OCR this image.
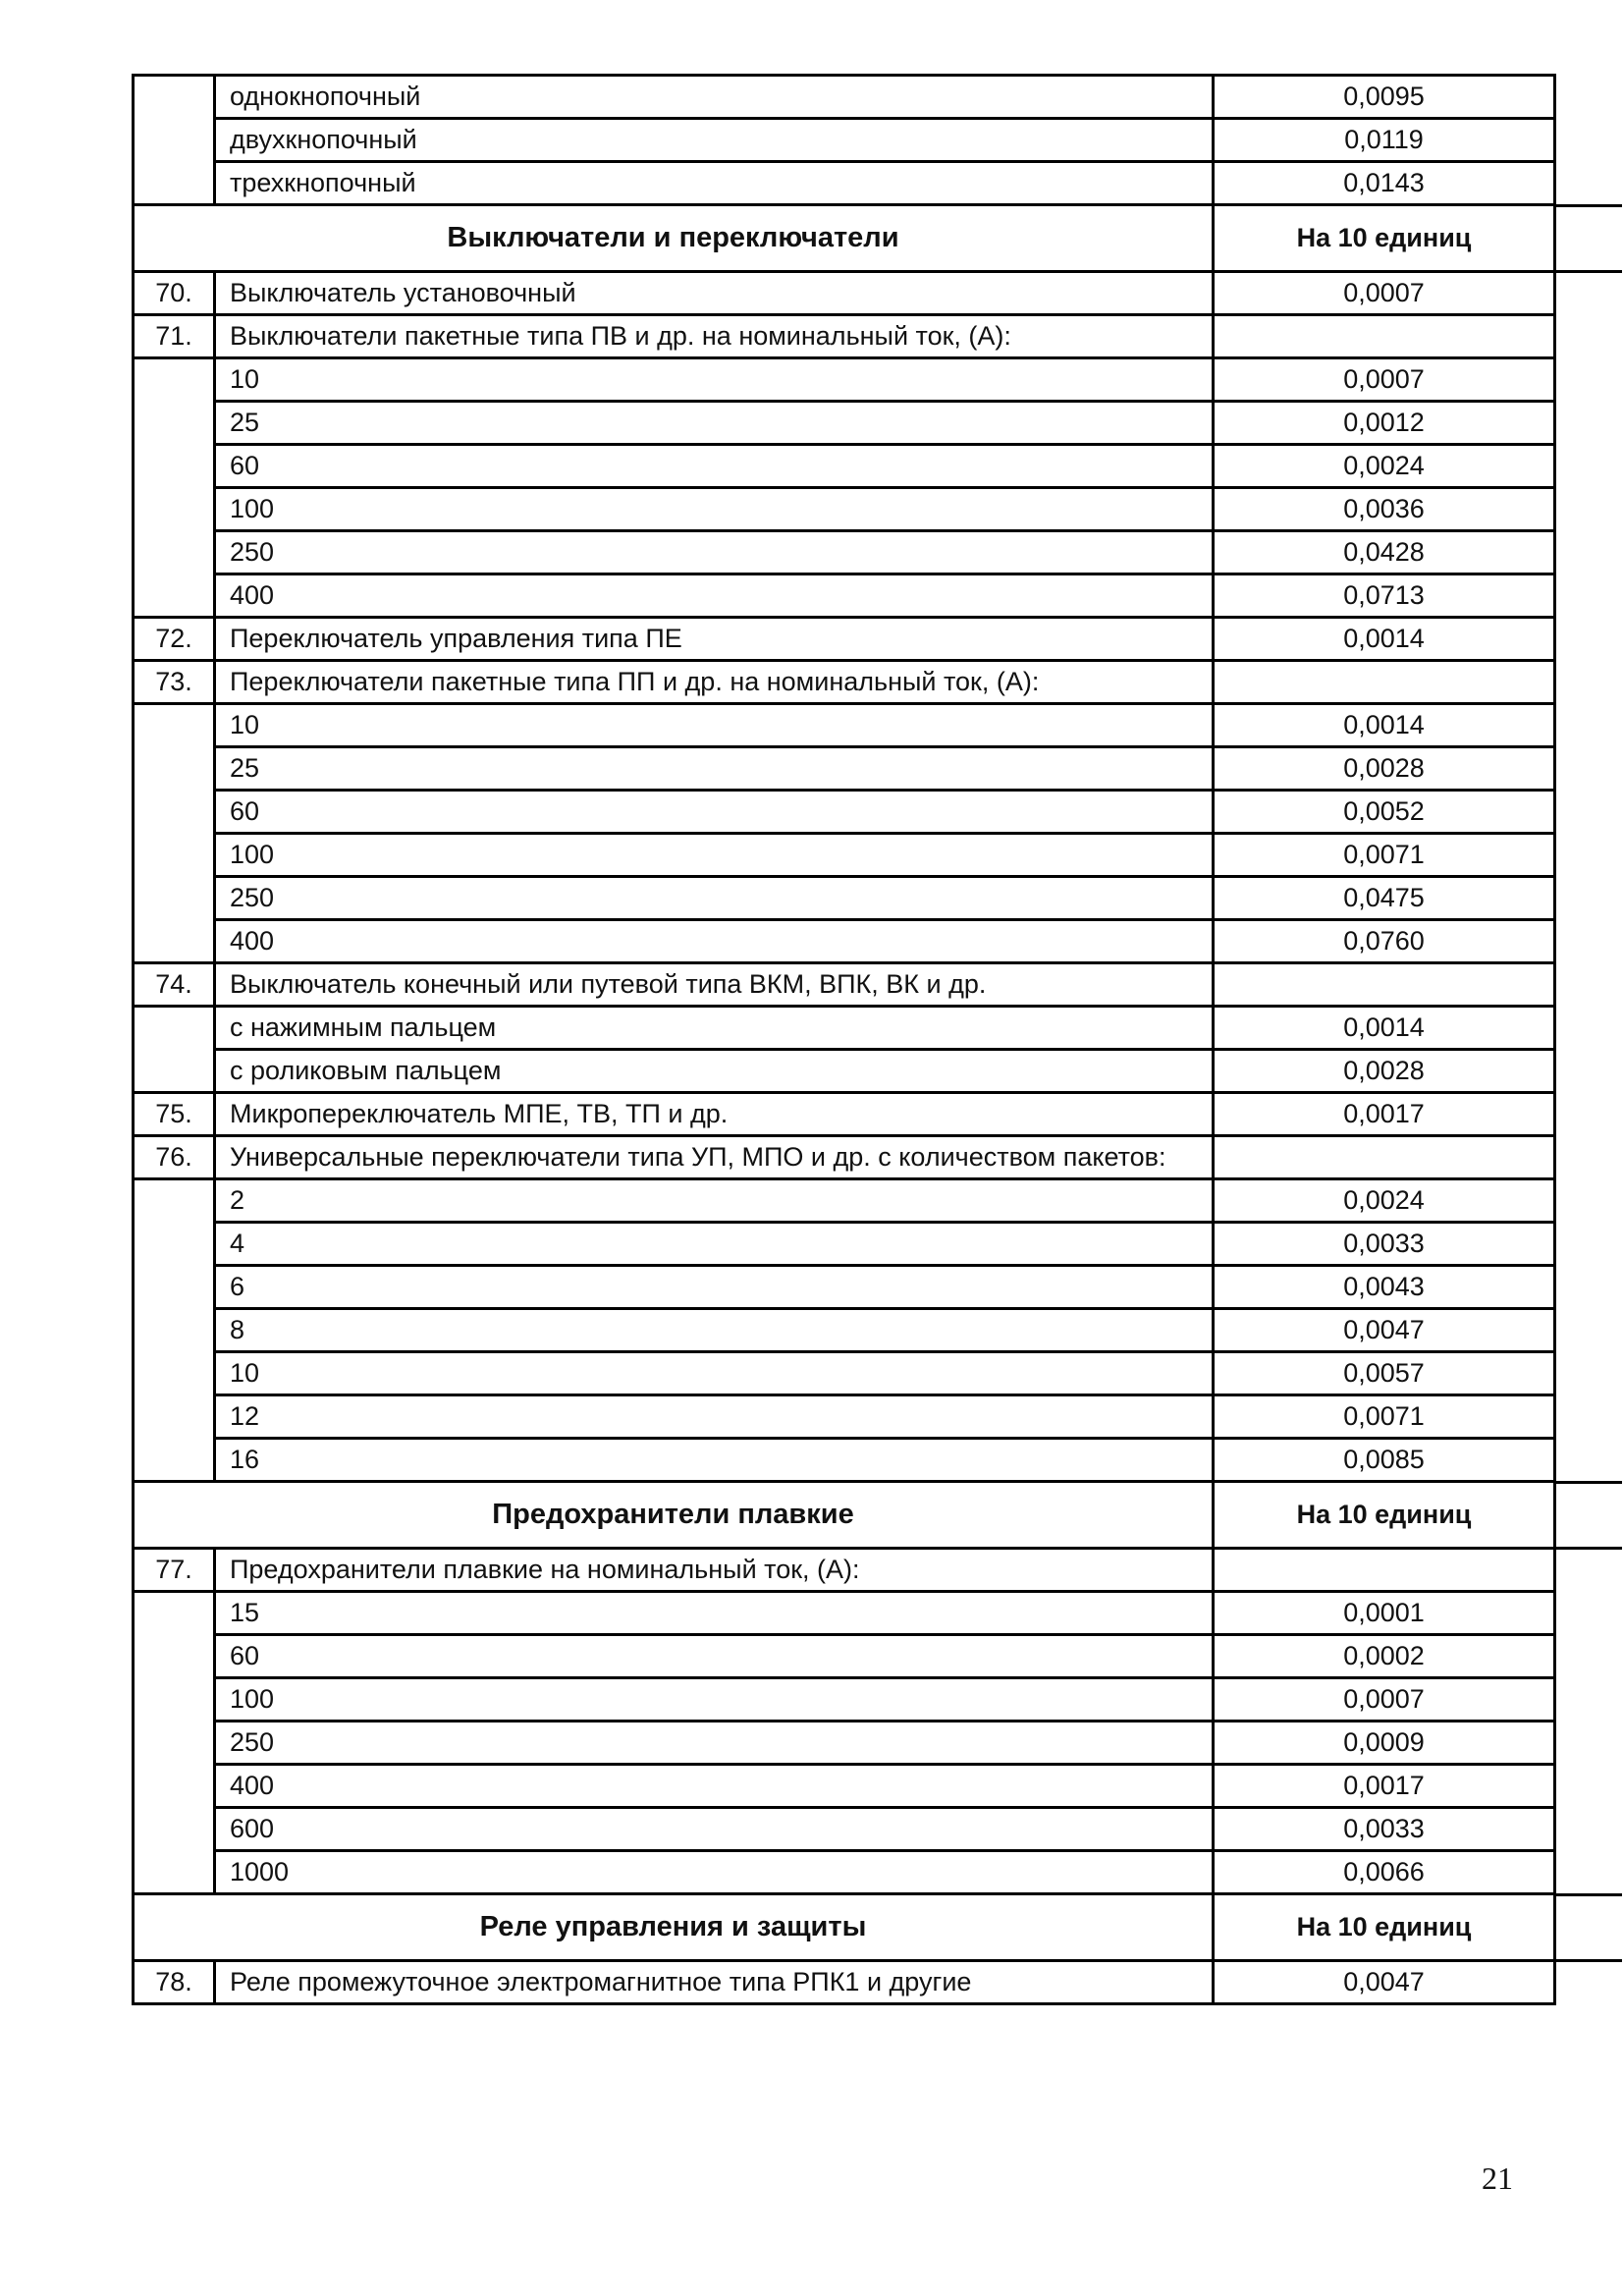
	однокнопочный	0,0095
	двухкнопочный	0,0119
	трехкнопочный	0,0143
Выключатели и переключатели		На 10 единиц
70.	Выключатель установочный	0,0007
71.	Выключатели пакетные типа ПВ и др. на номинальный ток, (А):	
	10	0,0007
	25	0,0012
	60	0,0024
	100	0,0036
	250	0,0428
	400	0,0713
72.	Переключатель управления типа ПЕ	0,0014
73.	Переключатели пакетные типа ПП и др. на номинальный ток, (А):	
	10	0,0014
	25	0,0028
	60	0,0052
	100	0,0071
	250	0,0475
	400	0,0760
74.	Выключатель конечный или путевой типа ВКМ, ВПК, ВК и др.	
	с нажимным пальцем	0,0014
	с роликовым пальцем	0,0028
75.	Микропереключатель МПЕ, ТВ, ТП и др.	0,0017
76.	Универсальные переключатели типа УП, МПО и др. с количеством пакетов:	
	2	0,0024
	4	0,0033
	6	0,0043
	8	0,0047
	10	0,0057
	12	0,0071
	16	0,0085
Предохранители плавкие		На 10 единиц
77.	Предохранители плавкие на номинальный ток, (А):	
	15	0,0001
	60	0,0002
	100	0,0007
	250	0,0009
	400	0,0017
	600	0,0033
	1000	0,0066
Реле управления и защиты		На 10 единиц
78.	Реле промежуточное электромагнитное типа РПК1 и другие	0,0047
21
